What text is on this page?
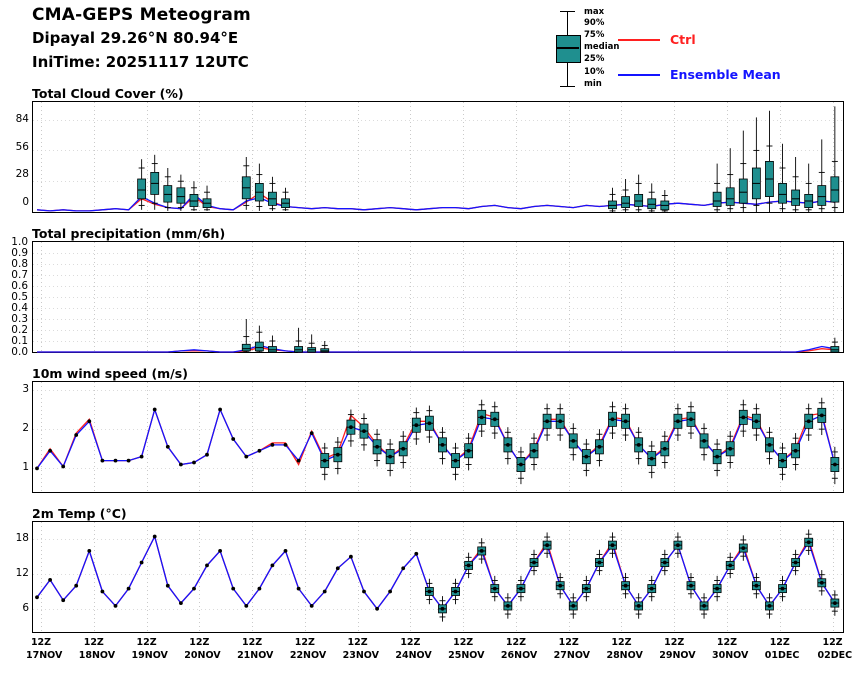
CMA-GEPS Meteogram
Dipayal 29.26°N 80.94°E
IniTime: 20251117 12UTC
max
90%
75%
median
25%
10%
min
Ctrl
Ensemble Mean
Total Cloud Cover (%)
84
56
28
0
Total precipitation (mm/6h)
10m wind speed (m/s)
2m Temp (°C)
12Z
17NOV
12Z
18NOV
12Z
19NOV
12Z
20NOV
12Z
21NOV
12Z
22NOV
12Z
23NOV
12Z
24NOV
12Z
25NOV
12Z
26NOV
12Z
27NOV
12Z
28NOV
12Z
29NOV
12Z
30NOV
12Z
01DEC
12Z
02DEC
0.0
0.1
0.2
0.3
0.4
0.5
0.6
0.7
0.8
0.9
1.0
1
2
3
6
12
18
